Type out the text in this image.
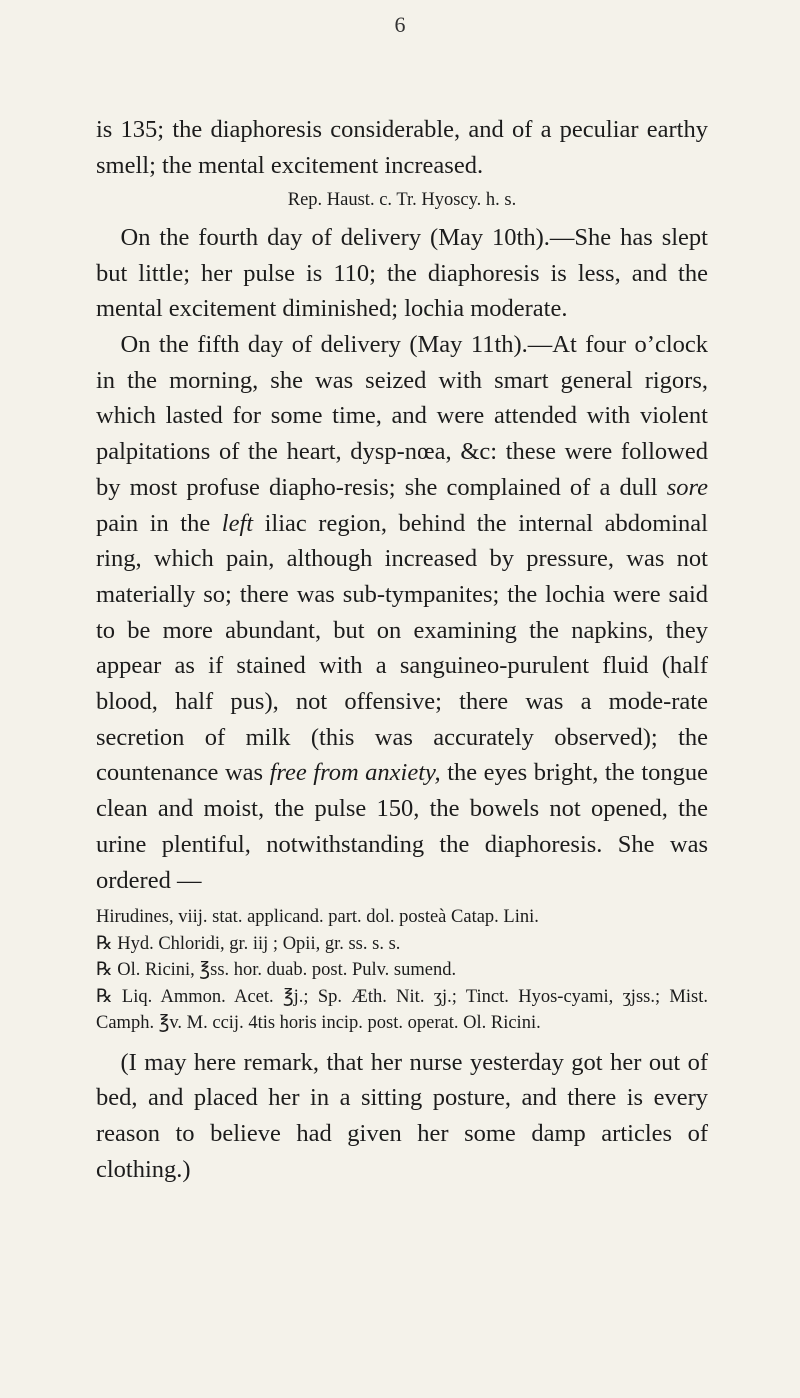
6

is 135; the diaphoresis considerable, and of a peculiar earthy smell; the mental excitement increased.

Rep. Haust. c. Tr. Hyoscy. h. s.

 On the fourth day of delivery (May 10th).—She has slept but little; her pulse is 110; the diaphoresis is less, and the mental excitement diminished; lochia moderate.

 On the fifth day of delivery (May 11th).—At four o’clock in the morning, she was seized with smart general rigors, which lasted for some time, and were attended with violent palpitations of the heart, dysp-nœa, &c: these were followed by most profuse diapho-resis; she complained of a dull sore pain in the left iliac region, behind the internal abdominal ring, which pain, although increased by pressure, was not materially so; there was sub-tympanites; the lochia were said to be more abundant, but on examining the napkins, they appear as if stained with a sanguineo-purulent fluid (half blood, half pus), not offensive; there was a mode-rate secretion of milk (this was accurately observed); the countenance was free from anxiety, the eyes bright, the tongue clean and moist, the pulse 150, the bowels not opened, the urine plentiful, notwithstanding the diaphoresis. She was ordered —

Hirudines, viij. stat. applicand. part. dol. posteà Catap. Lini.

℞ Hyd. Chloridi, gr. iij ; Opii, gr. ss. s. s.

℞ Ol. Ricini, ℥ss. hor. duab. post. Pulv. sumend.

℞ Liq. Ammon. Acet. ℥j.; Sp. Æth. Nit. ʒj.; Tinct. Hyos-cyami, ʒjss.; Mist. Camph. ℥v. M. ccij. 4tis horis incip. post. operat. Ol. Ricini.

 (I may here remark, that her nurse yesterday got her out of bed, and placed her in a sitting posture, and there is every reason to believe had given her some damp articles of clothing.)
